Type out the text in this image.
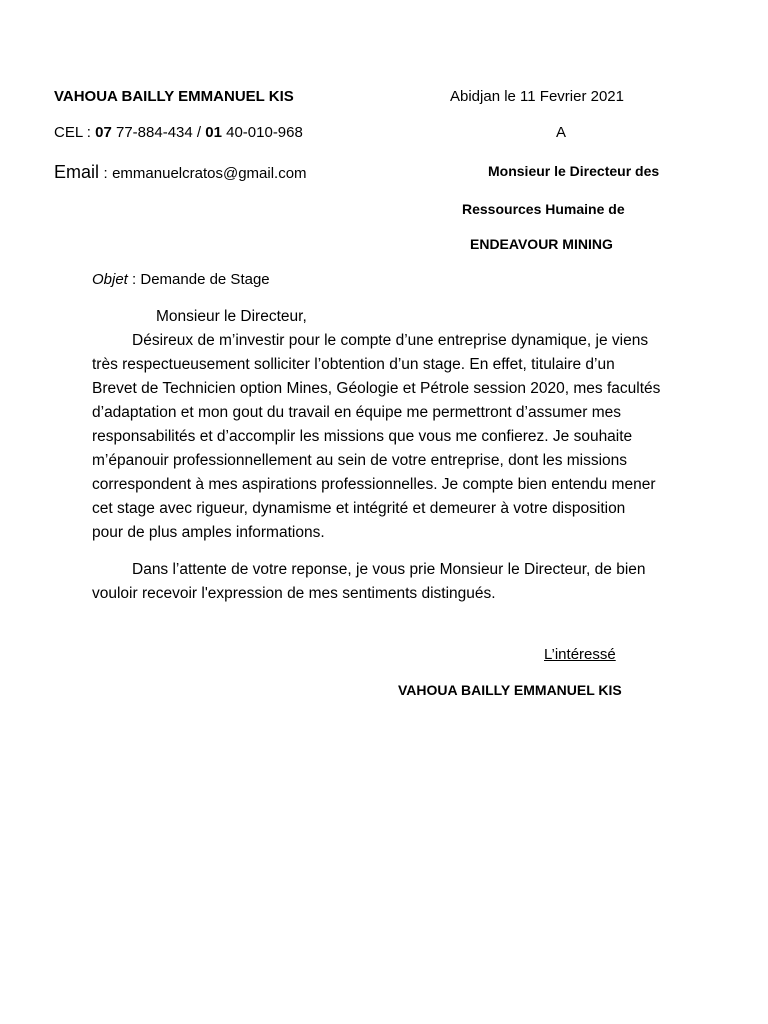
VAHOUA BAILLY EMMANUEL KIS
CEL : 07 77-884-434 / 01 40-010-968
Email : emmanuelcratos@gmail.com
Abidjan le 11 Fevrier 2021
A
Monsieur le Directeur des
Ressources Humaine de
ENDEAVOUR MINING
Objet : Demande de Stage
Monsieur le Directeur,
Désireux de m’investir pour le compte d’une entreprise dynamique, je viens
très respectueusement solliciter l’obtention d’un stage. En effet, titulaire d’un
Brevet de Technicien option Mines, Géologie et Pétrole session 2020, mes facultés
d’adaptation et mon gout du travail en équipe me permettront d’assumer mes
responsabilités et d’accomplir les missions que vous me confierez. Je souhaite
m’épanouir professionnellement au sein de votre entreprise, dont les missions
correspondent à mes aspirations professionnelles. Je compte bien entendu mener
cet stage avec rigueur, dynamisme et intégrité et demeurer à votre disposition
pour de plus amples informations.
Dans l’attente de votre reponse, je vous prie Monsieur le Directeur, de bien
vouloir recevoir l'expression de mes sentiments distingués.
L’intéressé
VAHOUA BAILLY EMMANUEL KIS
